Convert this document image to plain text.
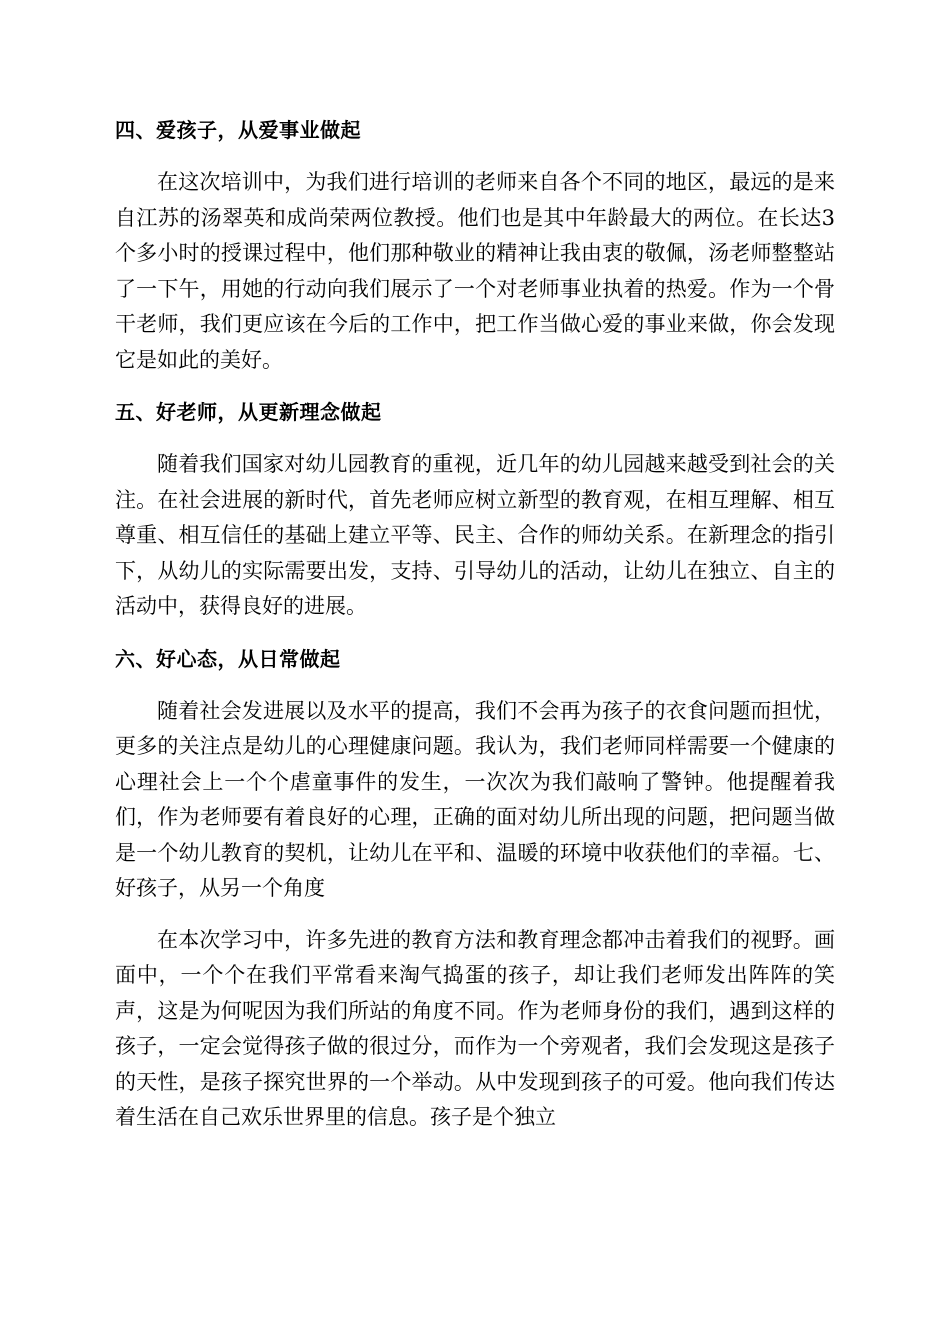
四、爱孩子，从爱事业做起

在这次培训中，为我们进行培训的老师来自各个不同的地区，最远的是来自江苏的汤翠英和成尚荣两位教授。他们也是其中年龄最大的两位。在长达3个多小时的授课过程中，他们那种敬业的精神让我由衷的敬佩，汤老师整整站了一下午，用她的行动向我们展示了一个对老师事业执着的热爱。作为一个骨干老师，我们更应该在今后的工作中，把工作当做心爱的事业来做，你会发现它是如此的美好。

五、好老师，从更新理念做起

随着我们国家对幼儿园教育的重视，近几年的幼儿园越来越受到社会的关注。在社会进展的新时代，首先老师应树立新型的教育观，在相互理解、相互尊重、相互信任的基础上建立平等、民主、合作的师幼关系。在新理念的指引下，从幼儿的实际需要出发，支持、引导幼儿的活动，让幼儿在独立、自主的活动中，获得良好的进展。

六、好心态，从日常做起

随着社会发进展以及水平的提高，我们不会再为孩子的衣食问题而担忧，更多的关注点是幼儿的心理健康问题。我认为，我们老师同样需要一个健康的心理社会上一个个虐童事件的发生，一次次为我们敲响了警钟。他提醒着我们，作为老师要有着良好的心理，正确的面对幼儿所出现的问题，把问题当做是一个幼儿教育的契机，让幼儿在平和、温暖的环境中收获他们的幸福。七、好孩子，从另一个角度

在本次学习中，许多先进的教育方法和教育理念都冲击着我们的视野。画面中，一个个在我们平常看来淘气捣蛋的孩子，却让我们老师发出阵阵的笑声，这是为何呢因为我们所站的角度不同。作为老师身份的我们，遇到这样的孩子，一定会觉得孩子做的很过分，而作为一个旁观者，我们会发现这是孩子的天性，是孩子探究世界的一个举动。从中发现到孩子的可爱。他向我们传达着生活在自己欢乐世界里的信息。孩子是个独立
